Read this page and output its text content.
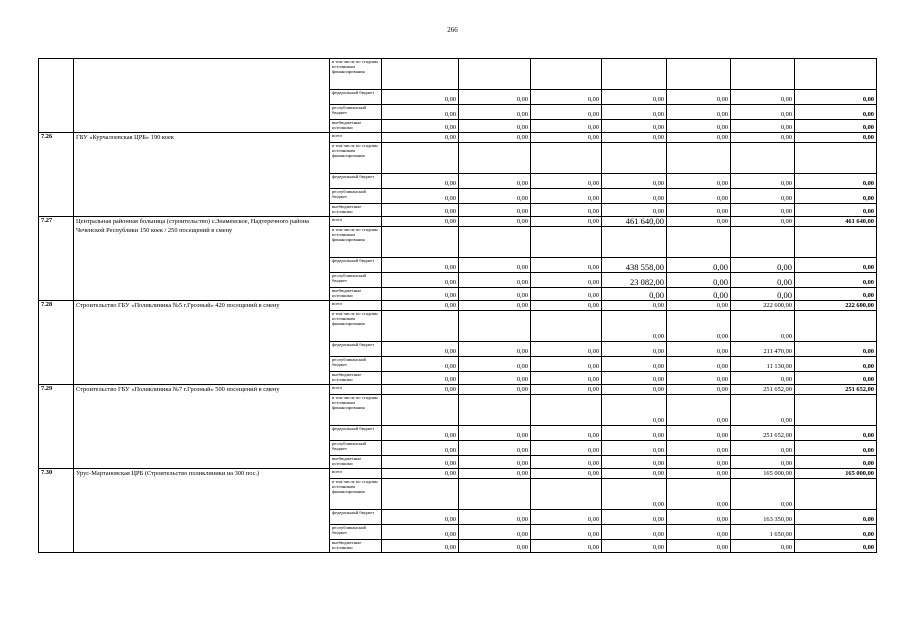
266
		в том числе по стадиям источникам финансирования							
		федеральный бюджет	0,00	0,00	0,00	0,00	0,00	0,00	0,00
		республиканский бюджет	0,00	0,00	0,00	0,00	0,00	0,00	0,00
		внебюджетные источники	0,00	0,00	0,00	0,00	0,00	0,00	0,00
7.26	ГБУ «Курчалоевская ЦРБ» 190 коек	всего	0,00	0,00	0,00	0,00	0,00	0,00	0,00
		в том числе по стадиям источникам финансирования							
		федеральный бюджет	0,00	0,00	0,00	0,00	0,00	0,00	0,00
		республиканский бюджет	0,00	0,00	0,00	0,00	0,00	0,00	0,00
		внебюджетные источники	0,00	0,00	0,00	0,00	0,00	0,00	0,00
7.27	Центральная районная больница (строительство) с.Знаменское, Надтеречного района Чеченской Республики 150 коек / 250 посещений в смену	всего	0,00	0,00	0,00	461 640,00	0,00	0,00	461 640,00
		в том числе по стадиям источникам финансирования							
		федеральный бюджет	0,00	0,00	0,00	438 558,00	0,00	0,00	0,00
		республиканский бюджет	0,00	0,00	0,00	23 082,00	0,00	0,00	0,00
		внебюджетные источники	0,00	0,00	0,00	0,00	0,00	0,00	0,00
7.28	Строительство ГБУ «Поликлиника №5 г.Грозный» 420 посещений в смену	всего	0,00	0,00	0,00	0,00	0,00	222 600,00	222 600,00
		в том числе по стадиям источникам финансирования				0,00	0,00	0,00	
		федеральный бюджет	0,00	0,00	0,00	0,00	0,00	211 470,00	0,00
		республиканский бюджет	0,00	0,00	0,00	0,00	0,00	11 130,00	0,00
		внебюджетные источники	0,00	0,00	0,00	0,00	0,00	0,00	0,00
7.29	Строительство ГБУ «Поликлиника №7 г.Грозный» 500 посещений в смену	всего	0,00	0,00	0,00	0,00	0,00	251 652,00	251 652,00
		в том числе по стадиям источникам финансирования				0,00	0,00	0,00	
		федеральный бюджет	0,00	0,00	0,00	0,00	0,00	251 652,00	0,00
		республиканский бюджет	0,00	0,00	0,00	0,00	0,00	0,00	0,00
		внебюджетные источники	0,00	0,00	0,00	0,00	0,00	0,00	0,00
7.30	Урус-Мартановская ЦРБ (Строительство поликлиники на 300 пос.)	всего	0,00	0,00	0,00	0,00	0,00	165 000,00	165 000,00
		в том числе по стадиям источникам финансирования				0,00	0,00	0,00	
		федеральный бюджет	0,00	0,00	0,00	0,00	0,00	163 350,00	0,00
		республиканский бюджет	0,00	0,00	0,00	0,00	0,00	1 650,00	0,00
		внебюджетные источники	0,00	0,00	0,00	0,00	0,00	0,00	0,00
